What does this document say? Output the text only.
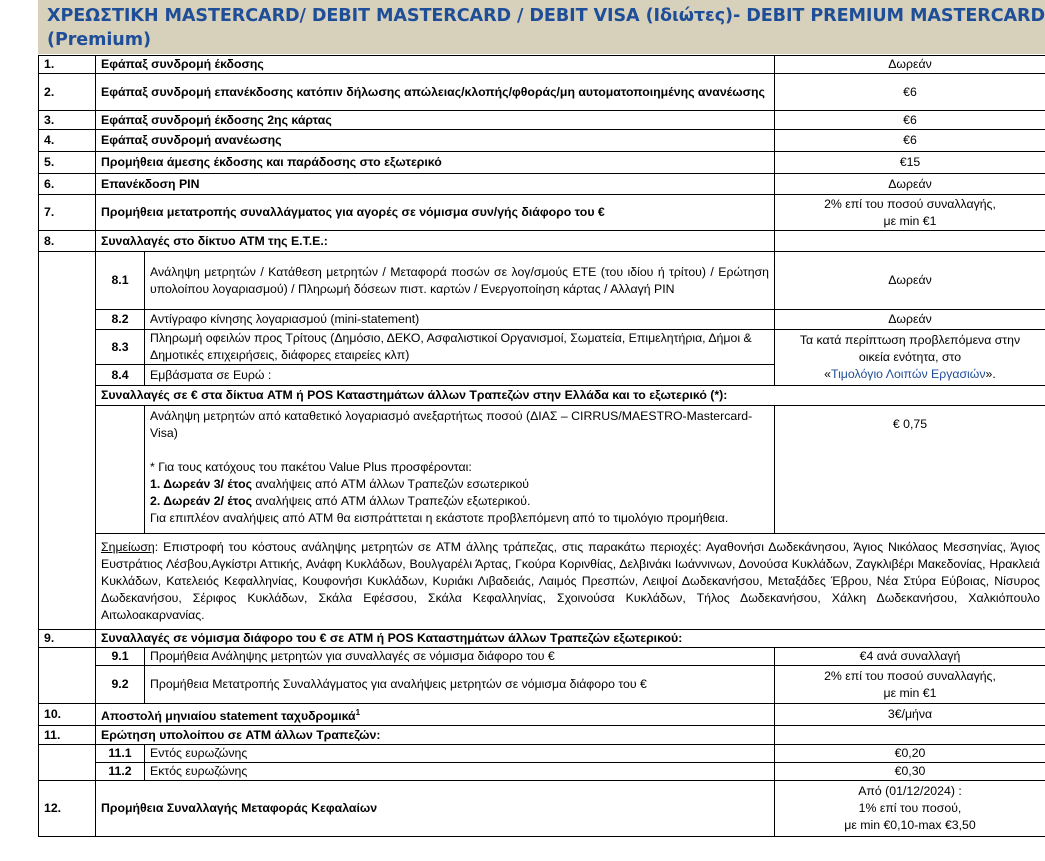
ΧΡΕΩΣΤΙΚΗ MASTERCARD/ DEBIT MASTERCARD / DEBIT VISA (Ιδιώτες)- DEBIT PREMIUM MASTERCARD (Premium)
1.	Εφάπαξ συνδρομή έκδοσης		Δωρεάν
2.	Εφάπαξ συνδρομή επανέκδοσης κατόπιν δήλωσης απώλειας/κλοπής/φθοράς/μη αυτοματοποιημένης ανανέωσης		€6
3.	Εφάπαξ συνδρομή έκδοσης 2ης κάρτας		€6
4.	Εφάπαξ συνδρομή ανανέωσης		€6
5.	Προμήθεια άμεσης έκδοσης και παράδοσης στο εξωτερικό		€15
6.	Επανέκδοση PIN		Δωρεάν
7.	Προμήθεια μετατροπής συναλλάγματος για αγορές σε νόμισμα συν/γής διάφορο του €		2% επί του ποσού συναλλαγής,
με min €1

8.	Συναλλαγές στο δίκτυο ATM της Ε.Τ.Ε.:		
	8.1	Ανάληψη μετρητών / Κατάθεση μετρητών / Μεταφορά ποσών σε λογ/σμούς ΕΤΕ (του ιδίου ή τρίτου) / Ερώτηση υπολοίπου λογαριασμού) / Πληρωμή δόσεων πιστ. καρτών / Ενεργοποίηση κάρτας / Αλλαγή PIN	Δωρεάν
	8.2	Αντίγραφο κίνησης λογαριασμού (mini-statement)	Δωρεάν
	8.3	Πληρωμή οφειλών προς Τρίτους (Δημόσιο, ΔΕΚΟ, Ασφαλιστικοί Οργανισμοί, Σωματεία, Επιμελητήρια, Δήμοι & Δημοτικές επιχειρήσεις, διάφορες εταιρείες κλπ)	Τα κατά περίπτωση προβλεπόμενα στην
οικεία ενότητα, στο
«Τιμολόγιο Λοιπών Εργασιών».

	8.4	Εμβάσματα σε Ευρώ :	
	Συναλλαγές σε € στα δίκτυα ATM ή POS Καταστημάτων άλλων Τραπεζών στην Ελλάδα και το εξωτερικό (*):		

		Ανάληψη μετρητών από καταθετικό λογαριασμό ανεξαρτήτως ποσού (ΔΙΑΣ – CIRRUS/MAESTRO-Mastercard- Visa)
* Για τους κατόχους του πακέτου Value Plus προσφέρονται:
1. Δωρεάν 3/ έτος αναλήψεις από ATM άλλων Τραπεζών εσωτερικού
2. Δωρεάν 2/ έτος αναλήψεις από ATM άλλων Τραπεζών εξωτερικού.
Για επιπλέον αναλήψεις από ATM θα εισπράττεται η εκάστοτε προβλεπόμενη από το τιμολόγιο προμήθεια.	€ 0,75
	Σημείωση: Επιστροφή του κόστους ανάληψης μετρητών σε ATM άλλης τράπεζας, στις παρακάτω περιοχές: Αγαθονήσι Δωδεκάνησου, Άγιος Νικόλαος Μεσσηνίας, Άγιος Ευστράτιος Λέσβου,Αγκίστρι Αττικής, Ανάφη Κυκλάδων, Βουλγαρέλι Άρτας, Γκούρα Κορινθίας, Δελβινάκι Ιωάννινων, Δονούσα Κυκλάδων, Ζαγκλιβέρι Μακεδονίας, Ηρακλειά Κυκλάδων, Κατελειός Κεφαλληνίας, Κουφονήσι Κυκλάδων, Κυριάκι Λιβαδειάς, Λαιμός Πρεσπών, Λειψοί Δωδεκανήσου, Μεταξάδες Έβρου, Νέα Στύρα Εύβοιας, Νίσυρος Δωδεκανήσου, Σέριφος Κυκλάδων, Σκάλα Εφέσσου, Σκάλα Κεφαλληνίας, Σχοινούσα Κυκλάδων, Τήλος Δωδεκανήσου, Χάλκη Δωδεκανήσου, Χαλκιόπουλο Αιτωλοακαρνανίας.		
9.	Συναλλαγές σε νόμισμα διάφορο του € σε ATM ή POS Καταστημάτων άλλων Τραπεζών εξωτερικού:		
	9.1	Προμήθεια Ανάληψης μετρητών για συναλλαγές σε νόμισμα διάφορο του €	€4 ανά συναλλαγή
	9.2	Προμήθεια Μετατροπής Συναλλάγματος για αναλήψεις μετρητών σε νόμισμα διάφορο του €	2% επί του ποσού συναλλαγής,
με min €1

10.	Αποστολή μηνιαίου statement ταχυδρομικά$^1$		3€/μήνα
11.	Ερώτηση υπολοίπου σε ATM άλλων Τραπεζών:		
	11.1	Εντός ευρωζώνης	€0,20
	11.2	Εκτός ευρωζώνης	€0,30
12.	Προμήθεια Συναλλαγής Μεταφοράς Κεφαλαίων		Από (01/12/2024) :
1% επί του ποσού,
με min €0,10-max €3,50
